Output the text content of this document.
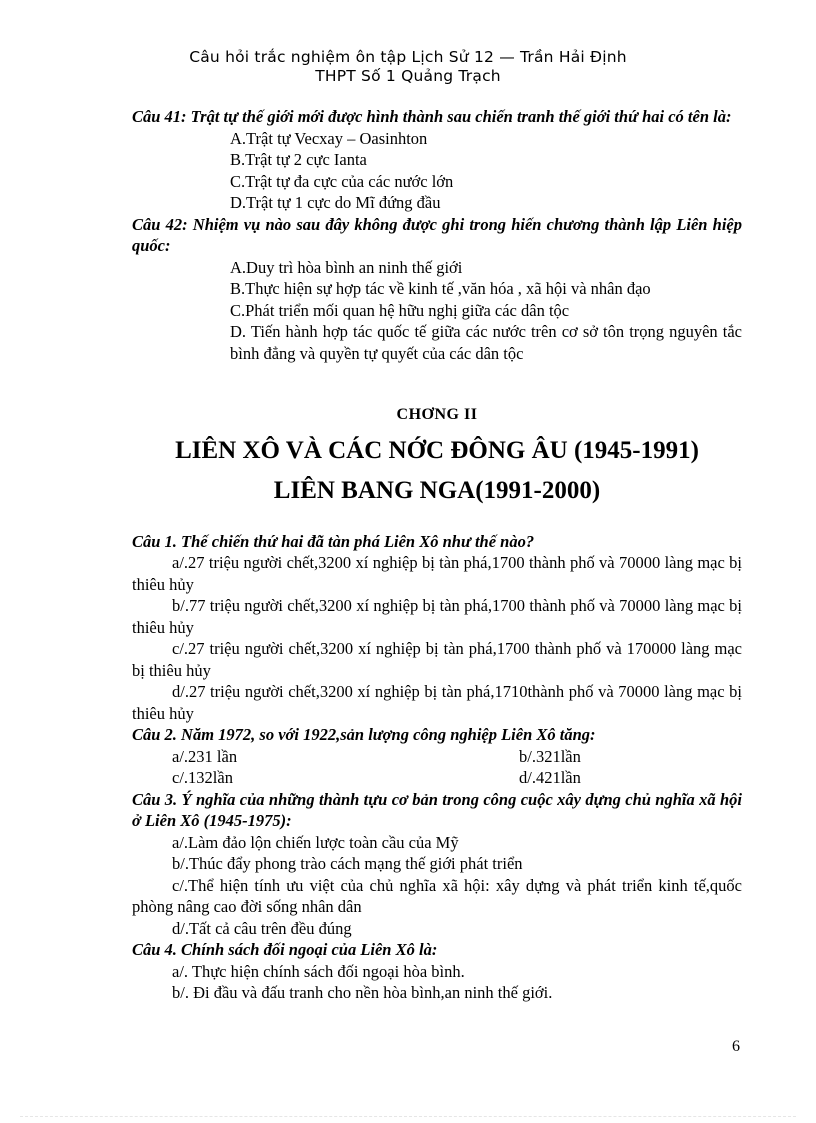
Câu hỏi trắc nghiệm ôn tập Lịch Sử 12 — Trần Hải Định
THPT Số 1 Quảng Trạch
Câu 41: Trật tự thế giới mới được hình thành sau chiến tranh thế giới thứ hai có tên là:
A.Trật tự Vecxay – Oasinhton
B.Trật tự 2 cực Ianta
C.Trật tự đa cực của các nước lớn
D.Trật tự 1 cực do Mĩ đứng đầu
Câu 42: Nhiệm vụ nào sau đây không được ghi trong hiến chương thành lập Liên hiệp quốc:
A.Duy trì hòa bình an ninh thế giới
B.Thực hiện sự hợp tác về kinh tế ,văn hóa , xã hội và nhân đạo
C.Phát triển mối quan hệ hữu nghị giữa các dân tộc
D. Tiến hành hợp tác quốc tế giữa các nước trên cơ sở tôn trọng nguyên tắc bình đẳng và quyền tự quyết của các dân tộc
CHƠNG II
LIÊN XÔ VÀ CÁC NỚC ĐÔNG ÂU (1945-1991)
LIÊN BANG NGA(1991-2000)
Câu 1. Thế chiến thứ hai đã tàn phá Liên Xô như thế nào?
a/.27 triệu người chết,3200 xí nghiệp bị tàn phá,1700 thành phố và 70000 làng mạc bị thiêu hủy
b/.77 triệu người chết,3200 xí nghiệp bị tàn phá,1700 thành phố và 70000 làng mạc bị thiêu hủy
c/.27 triệu người chết,3200 xí nghiệp bị tàn phá,1700 thành phố và 170000 làng mạc bị thiêu hủy
d/.27 triệu người chết,3200 xí nghiệp bị tàn phá,1710thành phố và 70000 làng mạc bị thiêu hủy
Câu 2. Năm 1972, so với 1922,sản lượng công nghiệp Liên Xô tăng:
a/.231 lần	b/.321lần
c/.132lần	d/.421lần
Câu 3. Ý nghĩa của những thành tựu cơ bản trong công cuộc xây dựng chủ nghĩa xã hội ở Liên Xô (1945-1975):
a/.Làm đảo lộn chiến lược toàn cầu của Mỹ
b/.Thúc đẩy phong trào cách mạng thế giới phát triển
c/.Thể hiện tính ưu việt của chủ nghĩa xã hội: xây dựng và phát triển kinh tế,quốc phòng nâng cao đời sống nhân dân
d/.Tất cả câu trên đều đúng
Câu 4. Chính sách đối ngoại của Liên Xô là:
a/. Thực hiện chính sách đối ngoại hòa bình.
b/. Đi đầu và đấu tranh cho nền hòa bình,an ninh thế giới.
6
